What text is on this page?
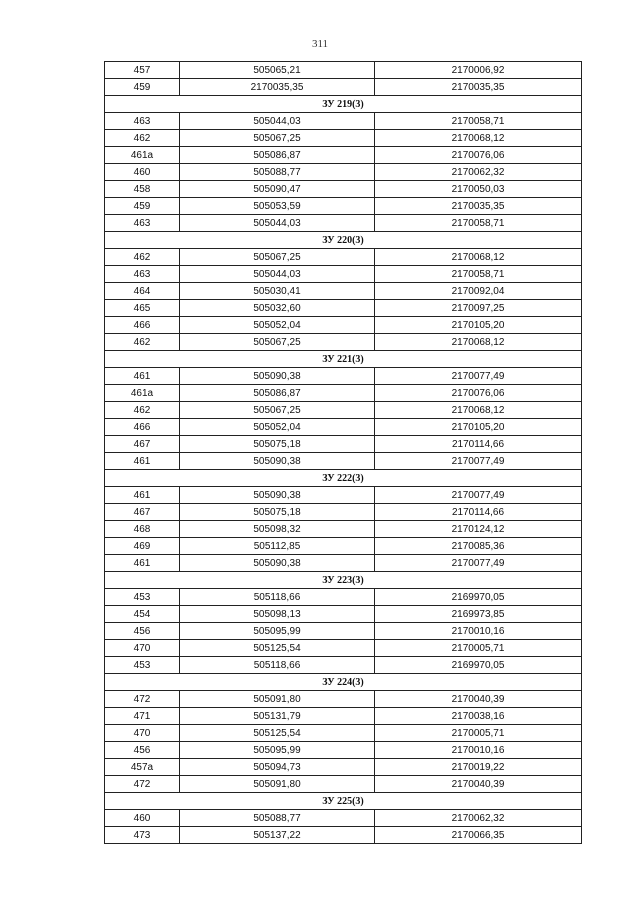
311
457	505065,21	2170006,92
459	2170035,35	2170035,35
ЗУ 219(3)		
463	505044,03	2170058,71
462	505067,25	2170068,12
461а	505086,87	2170076,06
460	505088,77	2170062,32
458	505090,47	2170050,03
459	505053,59	2170035,35
463	505044,03	2170058,71
ЗУ 220(3)		
462	505067,25	2170068,12
463	505044,03	2170058,71
464	505030,41	2170092,04
465	505032,60	2170097,25
466	505052,04	2170105,20
462	505067,25	2170068,12
ЗУ 221(3)		
461	505090,38	2170077,49
461а	505086,87	2170076,06
462	505067,25	2170068,12
466	505052,04	2170105,20
467	505075,18	2170114,66
461	505090,38	2170077,49
ЗУ 222(3)		
461	505090,38	2170077,49
467	505075,18	2170114,66
468	505098,32	2170124,12
469	505112,85	2170085,36
461	505090,38	2170077,49
ЗУ 223(3)		
453	505118,66	2169970,05
454	505098,13	2169973,85
456	505095,99	2170010,16
470	505125,54	2170005,71
453	505118,66	2169970,05
ЗУ 224(3)		
472	505091,80	2170040,39
471	505131,79	2170038,16
470	505125,54	2170005,71
456	505095,99	2170010,16
457а	505094,73	2170019,22
472	505091,80	2170040,39
ЗУ 225(3)		
460	505088,77	2170062,32
473	505137,22	2170066,35
